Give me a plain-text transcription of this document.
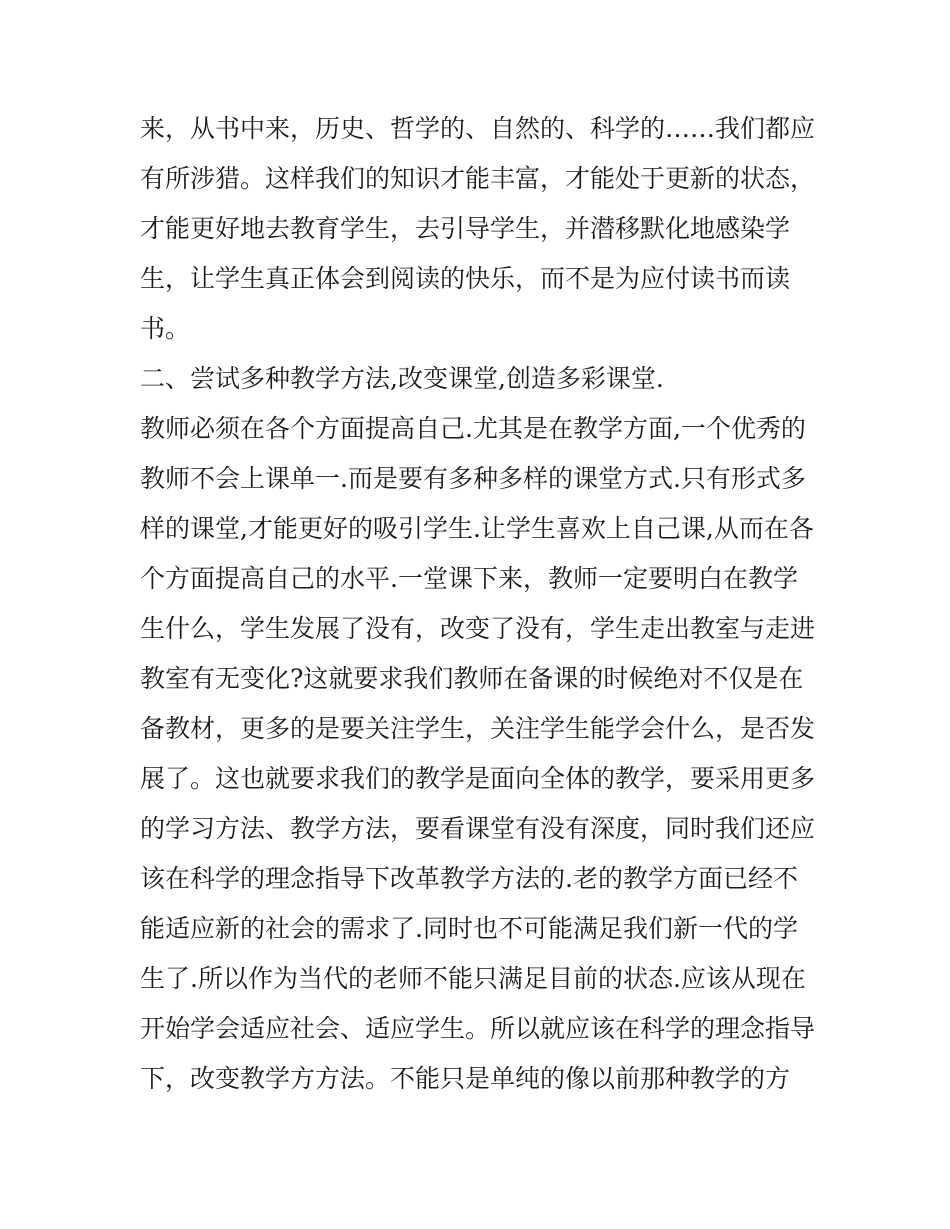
来，从书中来，历史、哲学的、自然的、科学的……我们都应
有所涉猎。这样我们的知识才能丰富，才能处于更新的状态，
才能更好地去教育学生，去引导学生，并潜移默化地感染学
生，让学生真正体会到阅读的快乐，而不是为应付读书而读
书。
二、尝试多种教学方法,改变课堂,创造多彩课堂.
教师必须在各个方面提高自己.尤其是在教学方面,一个优秀的
教师不会上课单一.而是要有多种多样的课堂方式.只有形式多
样的课堂,才能更好的吸引学生.让学生喜欢上自己课,从而在各
个方面提高自己的水平.一堂课下来，教师一定要明白在教学
生什么，学生发展了没有，改变了没有，学生走出教室与走进
教室有无变化?这就要求我们教师在备课的时候绝对不仅是在
备教材，更多的是要关注学生，关注学生能学会什么，是否发
展了。这也就要求我们的教学是面向全体的教学，要采用更多
的学习方法、教学方法，要看课堂有没有深度，同时我们还应
该在科学的理念指导下改革教学方法的.老的教学方面已经不
能适应新的社会的需求了.同时也不可能满足我们新一代的学
生了.所以作为当代的老师不能只满足目前的状态.应该从现在
开始学会适应社会、适应学生。所以就应该在科学的理念指导
下，改变教学方方法。不能只是单纯的像以前那种教学的方
